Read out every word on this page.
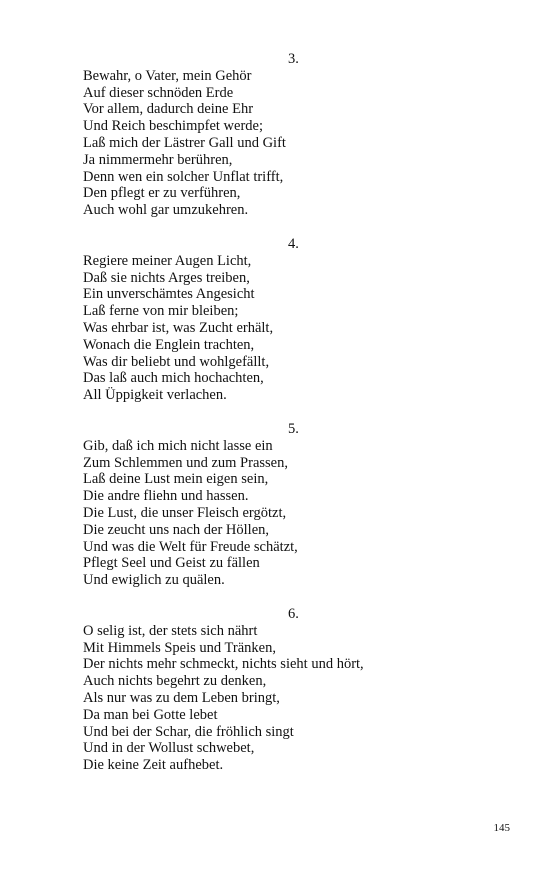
3.
Bewahr, o Vater, mein Gehör
Auf dieser schnöden Erde
Vor allem, dadurch deine Ehr
Und Reich beschimpfet werde;
Laß mich der Lästrer Gall und Gift
Ja nimmermehr berühren,
Denn wen ein solcher Unflat trifft,
Den pflegt er zu verführen,
Auch wohl gar umzukehren.
4.
Regiere meiner Augen Licht,
Daß sie nichts Arges treiben,
Ein unverschämtes Angesicht
Laß ferne von mir bleiben;
Was ehrbar ist, was Zucht erhält,
Wonach die Englein trachten,
Was dir beliebt und wohlgefällt,
Das laß auch mich hochachten,
All Üppigkeit verlachen.
5.
Gib, daß ich mich nicht lasse ein
Zum Schlemmen und zum Prassen,
Laß deine Lust mein eigen sein,
Die andre fliehn und hassen.
Die Lust, die unser Fleisch ergötzt,
Die zeucht uns nach der Höllen,
Und was die Welt für Freude schätzt,
Pflegt Seel und Geist zu fällen
Und ewiglich zu quälen.
6.
O selig ist, der stets sich nährt
Mit Himmels Speis und Tränken,
Der nichts mehr schmeckt, nichts sieht und hört,
Auch nichts begehrt zu denken,
Als nur was zu dem Leben bringt,
Da man bei Gotte lebet
Und bei der Schar, die fröhlich singt
Und in der Wollust schwebet,
Die keine Zeit aufhebet.
145
